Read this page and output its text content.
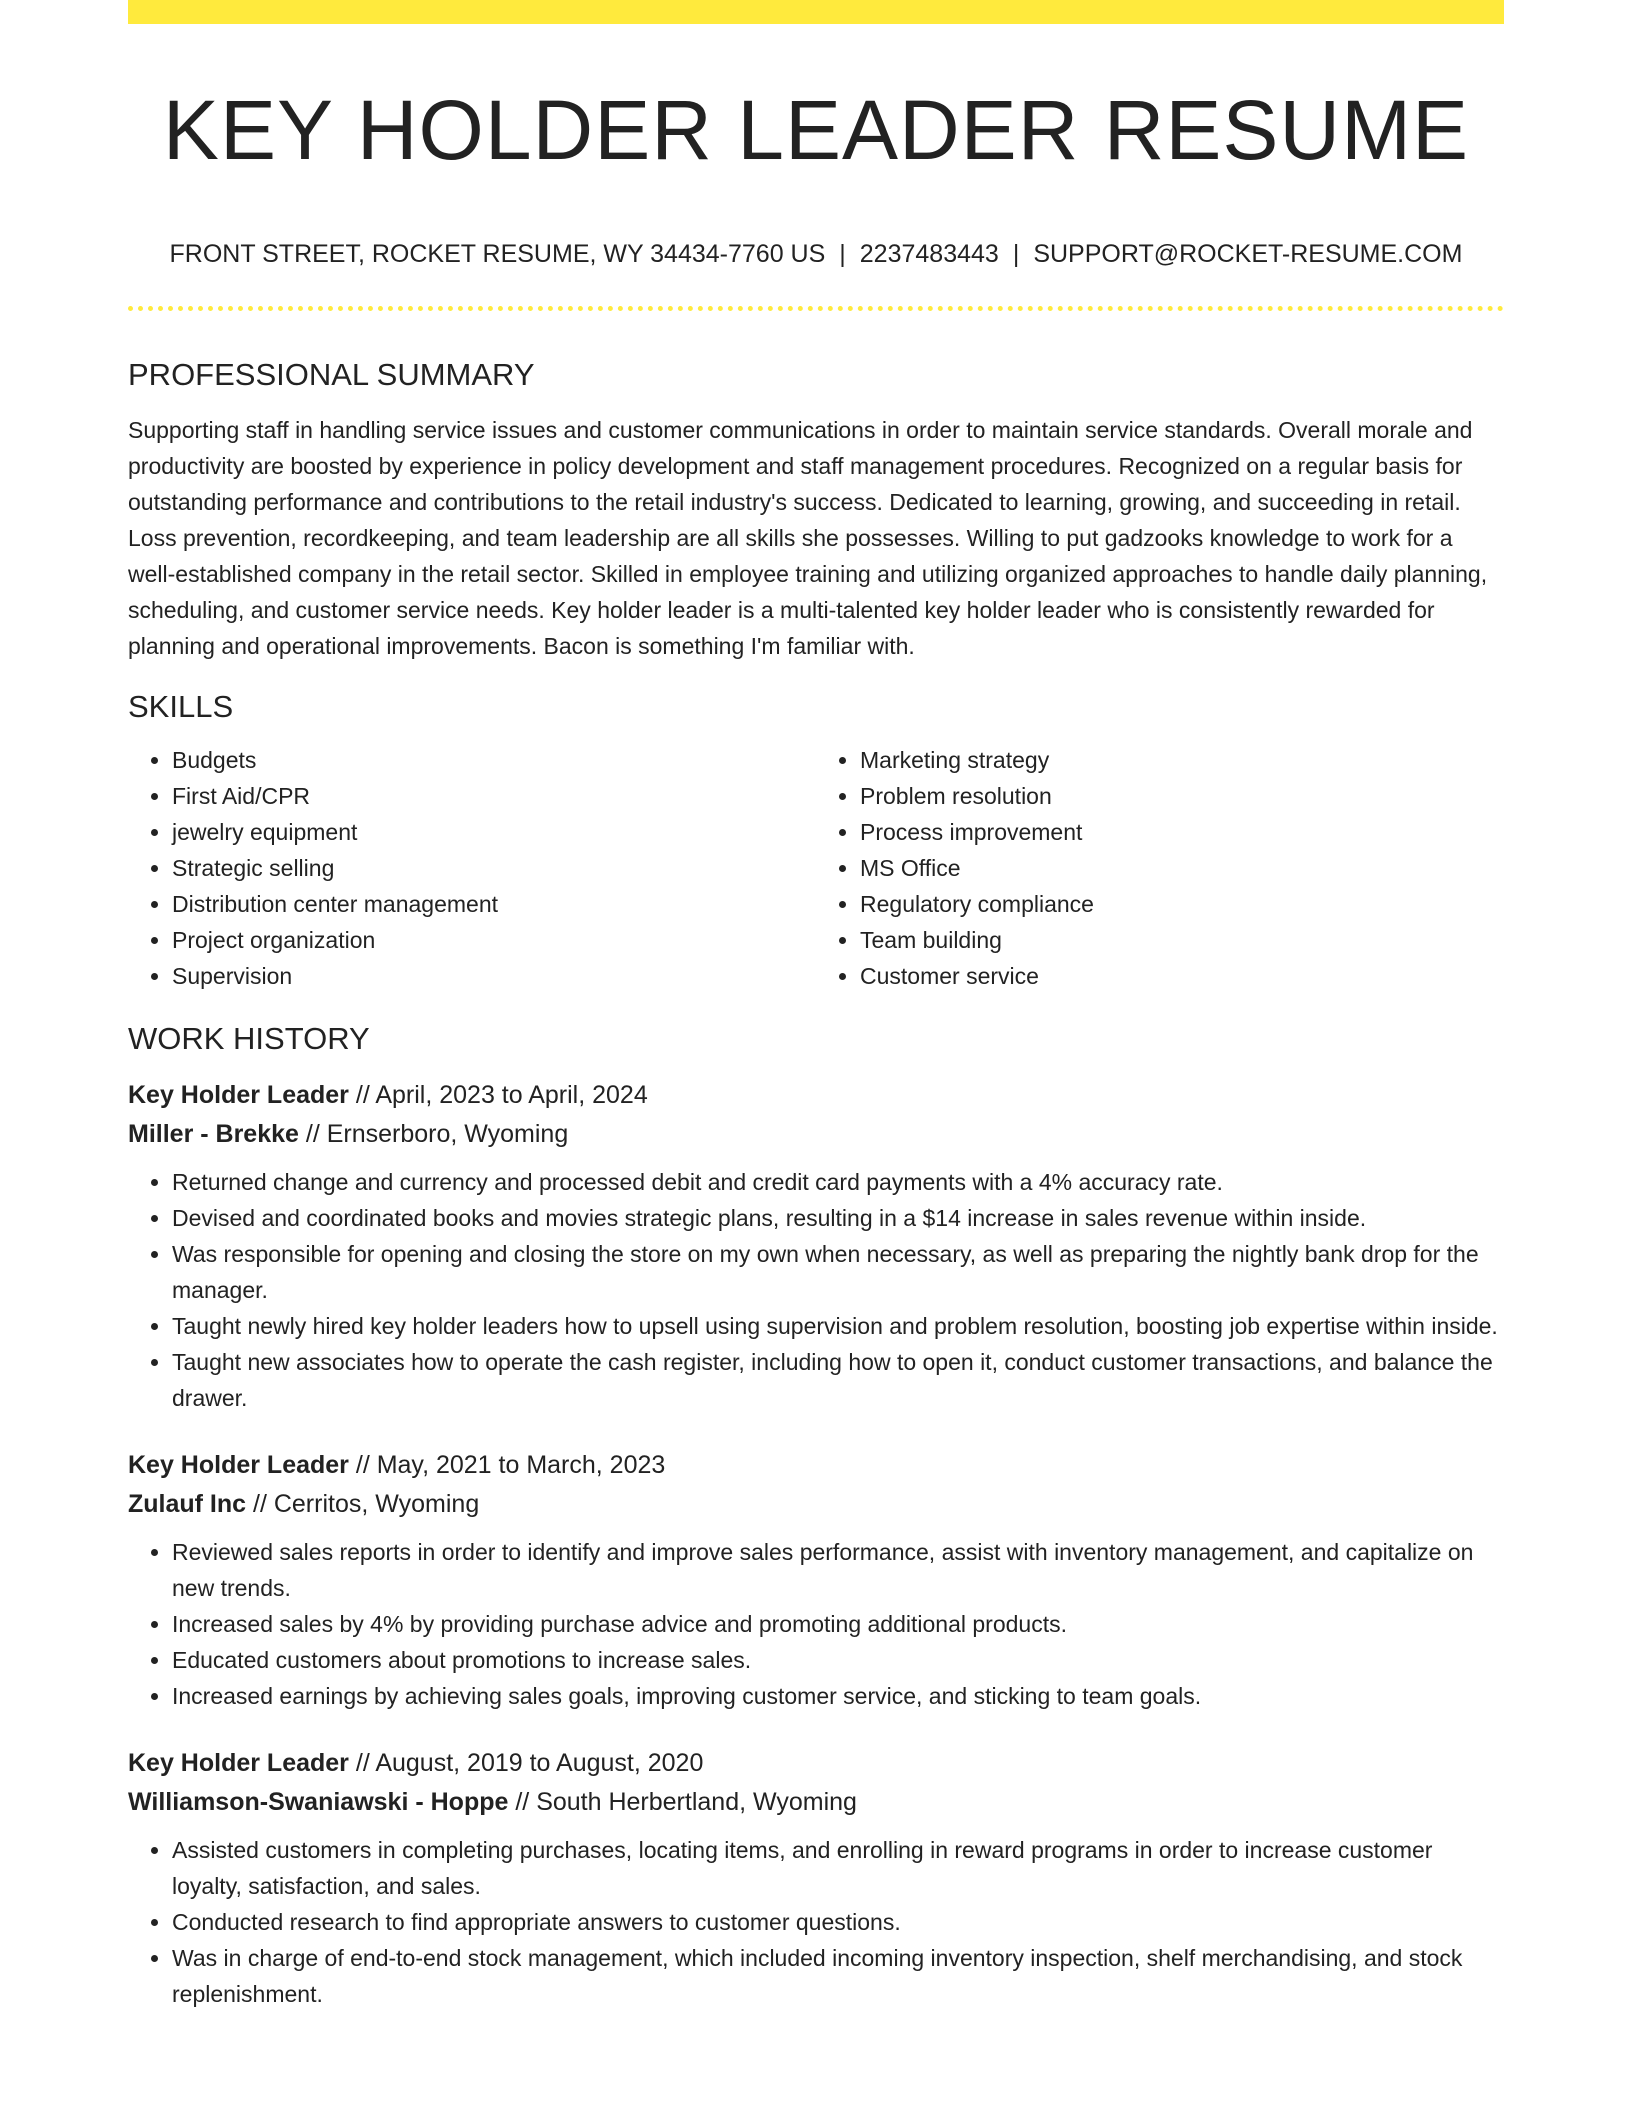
KEY HOLDER LEADER RESUME
FRONT STREET, ROCKET RESUME, WY 34434-7760 US | 2237483443 | SUPPORT@ROCKET-RESUME.COM
PROFESSIONAL SUMMARY

Supporting staff in handling service issues and customer communications in order to maintain service standards. Overall morale and productivity are boosted by experience in policy development and staff management procedures. Recognized on a regular basis for outstanding performance and contributions to the retail industry's success. Dedicated to learning, growing, and succeeding in retail. Loss prevention, recordkeeping, and team leadership are all skills she possesses. Willing to put gadzooks knowledge to work for a well-established company in the retail sector. Skilled in employee training and utilizing organized approaches to handle daily planning, scheduling, and customer service needs. Key holder leader is a multi-talented key holder leader who is consistently rewarded for planning and operational improvements. Bacon is something I'm familiar with.

SKILLS
• Budgets
• First Aid/CPR
• jewelry equipment
• Strategic selling
• Distribution center management
• Project organization
• Supervision
• Marketing strategy
• Problem resolution
• Process improvement
• MS Office
• Regulatory compliance
• Team building
• Customer service
WORK HISTORY
Key Holder Leader // April, 2023 to April, 2024
Miller - Brekke // Ernserboro, Wyoming
• Returned change and currency and processed debit and credit card payments with a 4% accuracy rate.
• Devised and coordinated books and movies strategic plans, resulting in a $14 increase in sales revenue within inside.
• Was responsible for opening and closing the store on my own when necessary, as well as preparing the nightly bank drop for the manager.
• Taught newly hired key holder leaders how to upsell using supervision and problem resolution, boosting job expertise within inside.
• Taught new associates how to operate the cash register, including how to open it, conduct customer transactions, and balance the drawer.
Key Holder Leader // May, 2021 to March, 2023
Zulauf Inc // Cerritos, Wyoming
• Reviewed sales reports in order to identify and improve sales performance, assist with inventory management, and capitalize on new trends.
• Increased sales by 4% by providing purchase advice and promoting additional products.
• Educated customers about promotions to increase sales.
• Increased earnings by achieving sales goals, improving customer service, and sticking to team goals.
Key Holder Leader // August, 2019 to August, 2020
Williamson-Swaniawski - Hoppe // South Herbertland, Wyoming
• Assisted customers in completing purchases, locating items, and enrolling in reward programs in order to increase customer loyalty, satisfaction, and sales.
• Conducted research to find appropriate answers to customer questions.
• Was in charge of end-to-end stock management, which included incoming inventory inspection, shelf merchandising, and stock replenishment.
